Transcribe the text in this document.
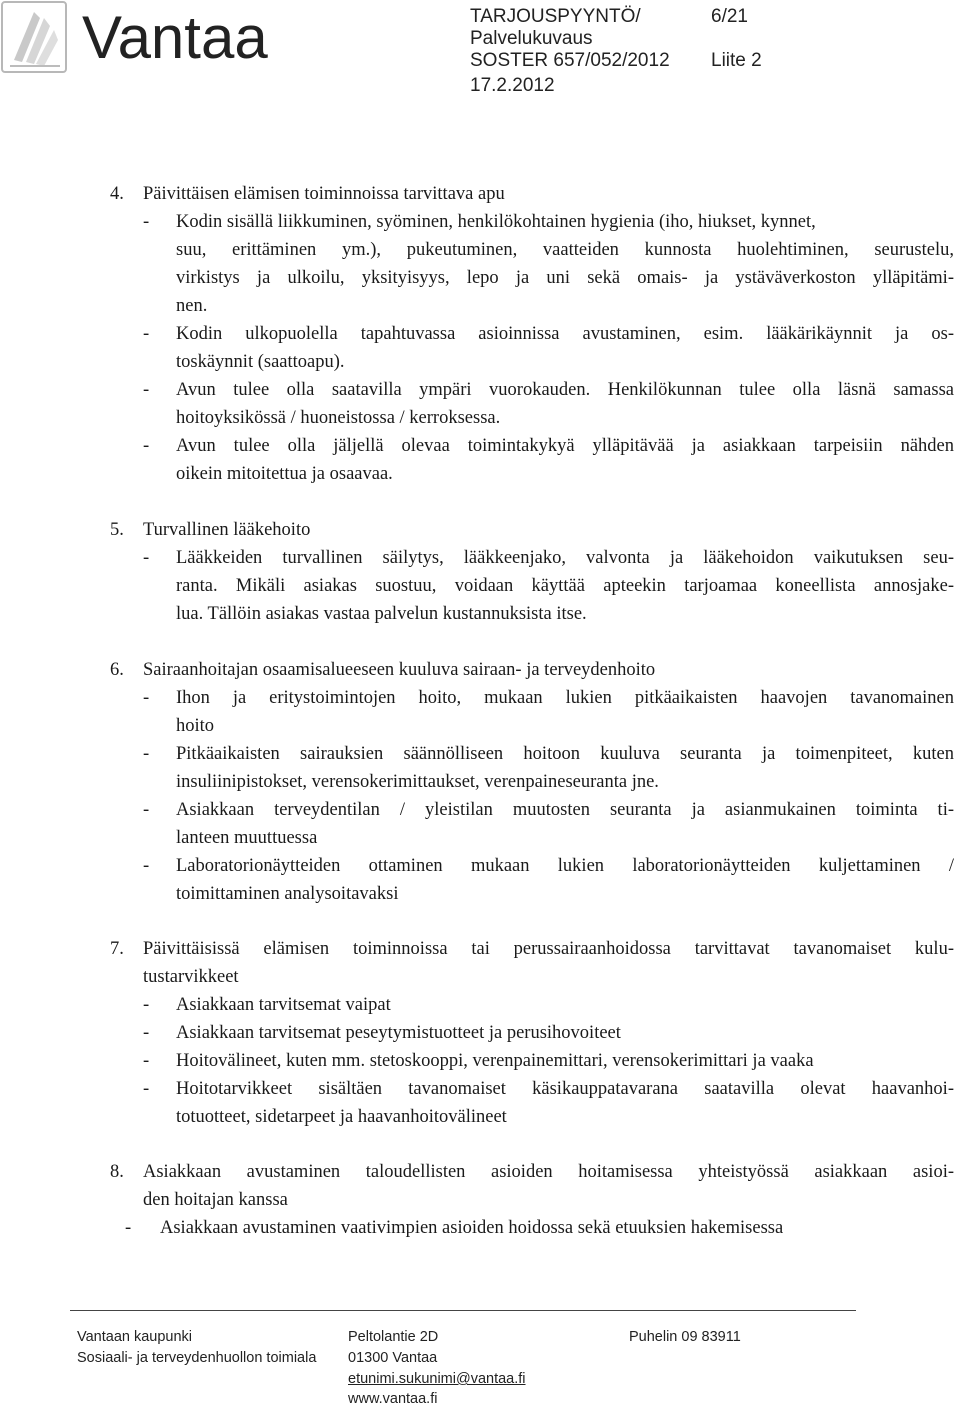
Vantaa	TARJOUSPYYNTÖ/	6/21
Palvelukuvaus
SOSTER 657/052/2012 Liite 2
17.2.2012
4. Päivittäisen elämisen toiminnoissa tarvittava apu
- Kodin sisällä liikkuminen, syöminen, henkilökohtainen hygienia (iho, hiukset, kynnet,
suu, erittäminen ym.), pukeutuminen, vaatteiden kunnosta huolehtiminen, seurustelu,
virkistys ja ulkoilu, yksityisyys, lepo ja uni sekä omais- ja ystäväverkoston ylläpitämi-
nen.
- Kodin ulkopuolella tapahtuvassa asioinnissa avustaminen, esim. lääkärikäynnit ja os-
toskäynnit (saattoapu).
- Avun tulee olla saatavilla ympäri vuorokauden. Henkilökunnan tulee olla läsnä samassa
hoitoyksikössä / huoneistossa / kerroksessa.
- Avun tulee olla jäljellä olevaa toimintakykyä ylläpitävää ja asiakkaan tarpeisiin nähden
oikein mitoitettua ja osaavaa.
5. Turvallinen lääkehoito
- Lääkkeiden turvallinen säilytys, lääkkeenjako, valvonta ja lääkehoidon vaikutuksen seu-
ranta. Mikäli asiakas suostuu, voidaan käyttää apteekin tarjoamaa koneellista annosjake-
lua. Tällöin asiakas vastaa palvelun kustannuksista itse.
6. Sairaanhoitajan osaamisalueeseen kuuluva sairaan- ja terveydenhoito
- Ihon ja eritystoimintojen hoito, mukaan lukien pitkäaikaisten haavojen tavanomainen
hoito
- Pitkäaikaisten sairauksien säännölliseen hoitoon kuuluva seuranta ja toimenpiteet, kuten
insuliinipistokset, verensokerimittaukset, verenpaineseuranta jne.
- Asiakkaan terveydentilan / yleistilan muutosten seuranta ja asianmukainen toiminta ti-
lanteen muuttuessa
- Laboratorionäytteiden ottaminen mukaan lukien laboratorionäytteiden kuljettaminen /
toimittaminen analysoitavaksi
7. Päivittäisissä elämisen toiminnoissa tai perussairaanhoidossa tarvittavat tavanomaiset kulu-
tustarvikkeet
- Asiakkaan tarvitsemat vaipat
- Asiakkaan tarvitsemat peseytymistuotteet ja perusihovoiteet
- Hoitovälineet, kuten mm. stetoskooppi, verenpainemittari, verensokerimittari ja vaaka
- Hoitotarvikkeet sisältäen tavanomaiset käsikauppatavarana saatavilla olevat haavanhoi-
totuotteet, sidetarpeet ja haavanhoitovälineet
8. Asiakkaan avustaminen taloudellisten asioiden hoitamisessa yhteistyössä asiakkaan asioi-
den hoitajan kanssa
- Asiakkaan avustaminen vaativimpien asioiden hoidossa sekä etuuksien hakemisessa
Vantaan kaupunki
Sosiaali- ja terveydenhuollon toimiala
Peltolantie 2D
01300 Vantaa
etunimi.sukunimi@vantaa.fi
www.vantaa.fi
Puhelin 09 83911
